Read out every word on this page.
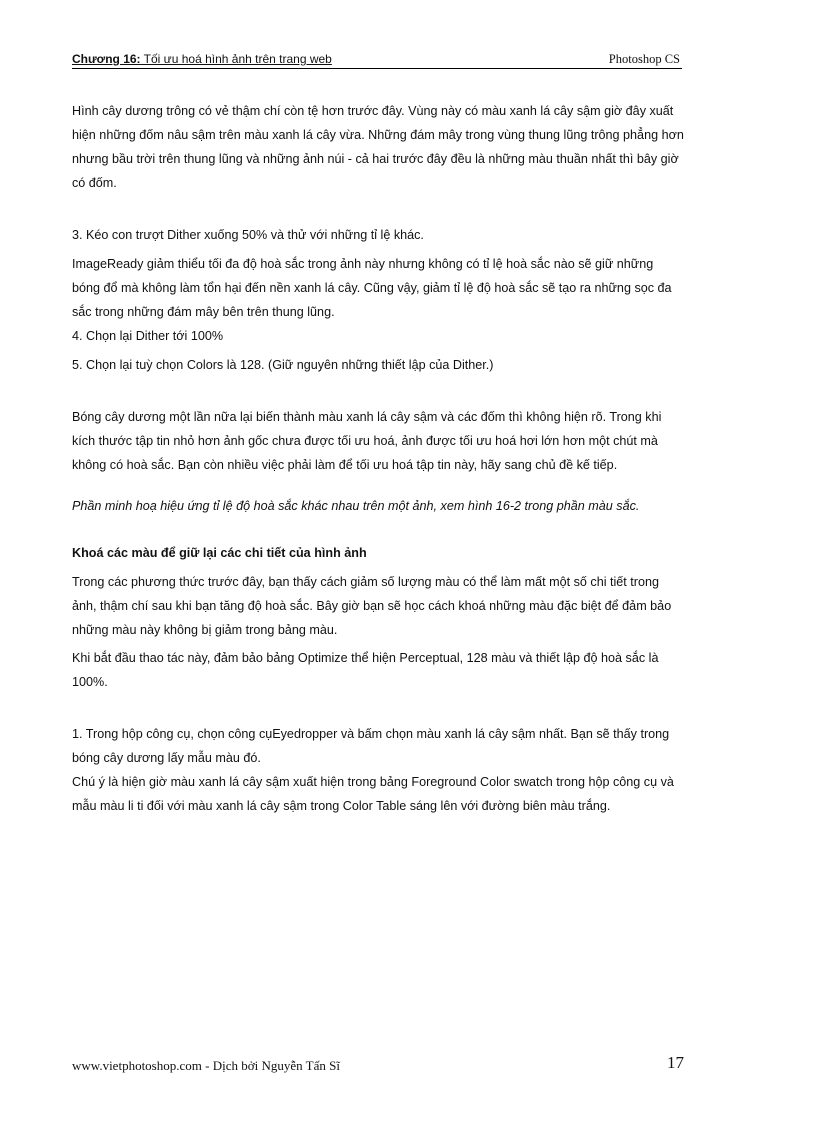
Chương 16: Tối ưu hoá hình ảnh trên trang web	Photoshop CS

Hình cây dương trông có vẻ thậm chí còn tệ hơn trước đây. Vùng này có màu xanh lá cây sậm giờ đây xuất hiện những đốm nâu sậm trên màu xanh lá cây vừa. Những đám mây trong vùng thung lũng trông phẳng hơn nhưng bầu trời trên thung lũng và những ảnh núi - cả hai trước đây đều là những màu thuần nhất thì bây giờ có đốm.

3. Kéo con trượt Dither xuống 50% và thử với những tỉ lệ khác.

ImageReady giảm thiểu tối đa độ hoà sắc trong ảnh này nhưng không có tỉ lệ hoà sắc nào sẽ giữ những bóng đổ mà không làm tổn hại đến nền xanh lá cây. Cũng vậy, giảm tỉ lệ độ hoà sắc sẽ tạo ra những sọc đa sắc trong những đám mây bên trên thung lũng.

4. Chọn lại Dither tới 100%

5. Chọn lại tuỳ chọn Colors là 128. (Giữ nguyên những thiết lập của Dither.)

Bóng cây dương một lần nữa lại biến thành màu xanh lá cây sậm và các đốm thì không hiện rõ. Trong khi kích thước tập tin nhỏ hơn ảnh gốc chưa được tối ưu hoá, ảnh được tối ưu hoá hơi lớn hơn một chút mà không có hoà sắc. Bạn còn nhiều việc phải làm để tối ưu hoá tập tin này, hãy sang chủ đề kế tiếp.

Phần minh hoạ hiệu ứng tỉ lệ độ hoà sắc khác nhau trên một ảnh, xem hình 16-2 trong phần màu sắc.

Khoá các màu để giữ lại các chi tiết của hình ảnh

Trong các phương thức trước đây, bạn thấy cách giảm số lượng màu có thể làm mất một số chi tiết trong ảnh, thậm chí sau khi bạn tăng độ hoà sắc. Bây giờ bạn sẽ học cách khoá những màu đặc biệt để đảm bảo những màu này không bị giảm trong bảng màu.

Khi bắt đầu thao tác này, đảm bảo bảng Optimize thể hiện Perceptual, 128 màu và thiết lập độ hoà sắc là 100%.

1. Trong hộp công cụ, chọn công cụEyedropper và bấm chọn màu xanh lá cây sậm nhất. Bạn sẽ thấy trong bóng cây dương lấy mẫu màu đó.

Chú ý là hiện giờ màu xanh lá cây sậm xuất hiện trong bảng Foreground Color swatch trong hộp công cụ và mẫu màu li ti đối với màu xanh lá cây sậm trong Color Table sáng lên với đường biên màu trắng.

www.vietphotoshop.com - Dịch bởi Nguyễn Tấn Sĩ	17
